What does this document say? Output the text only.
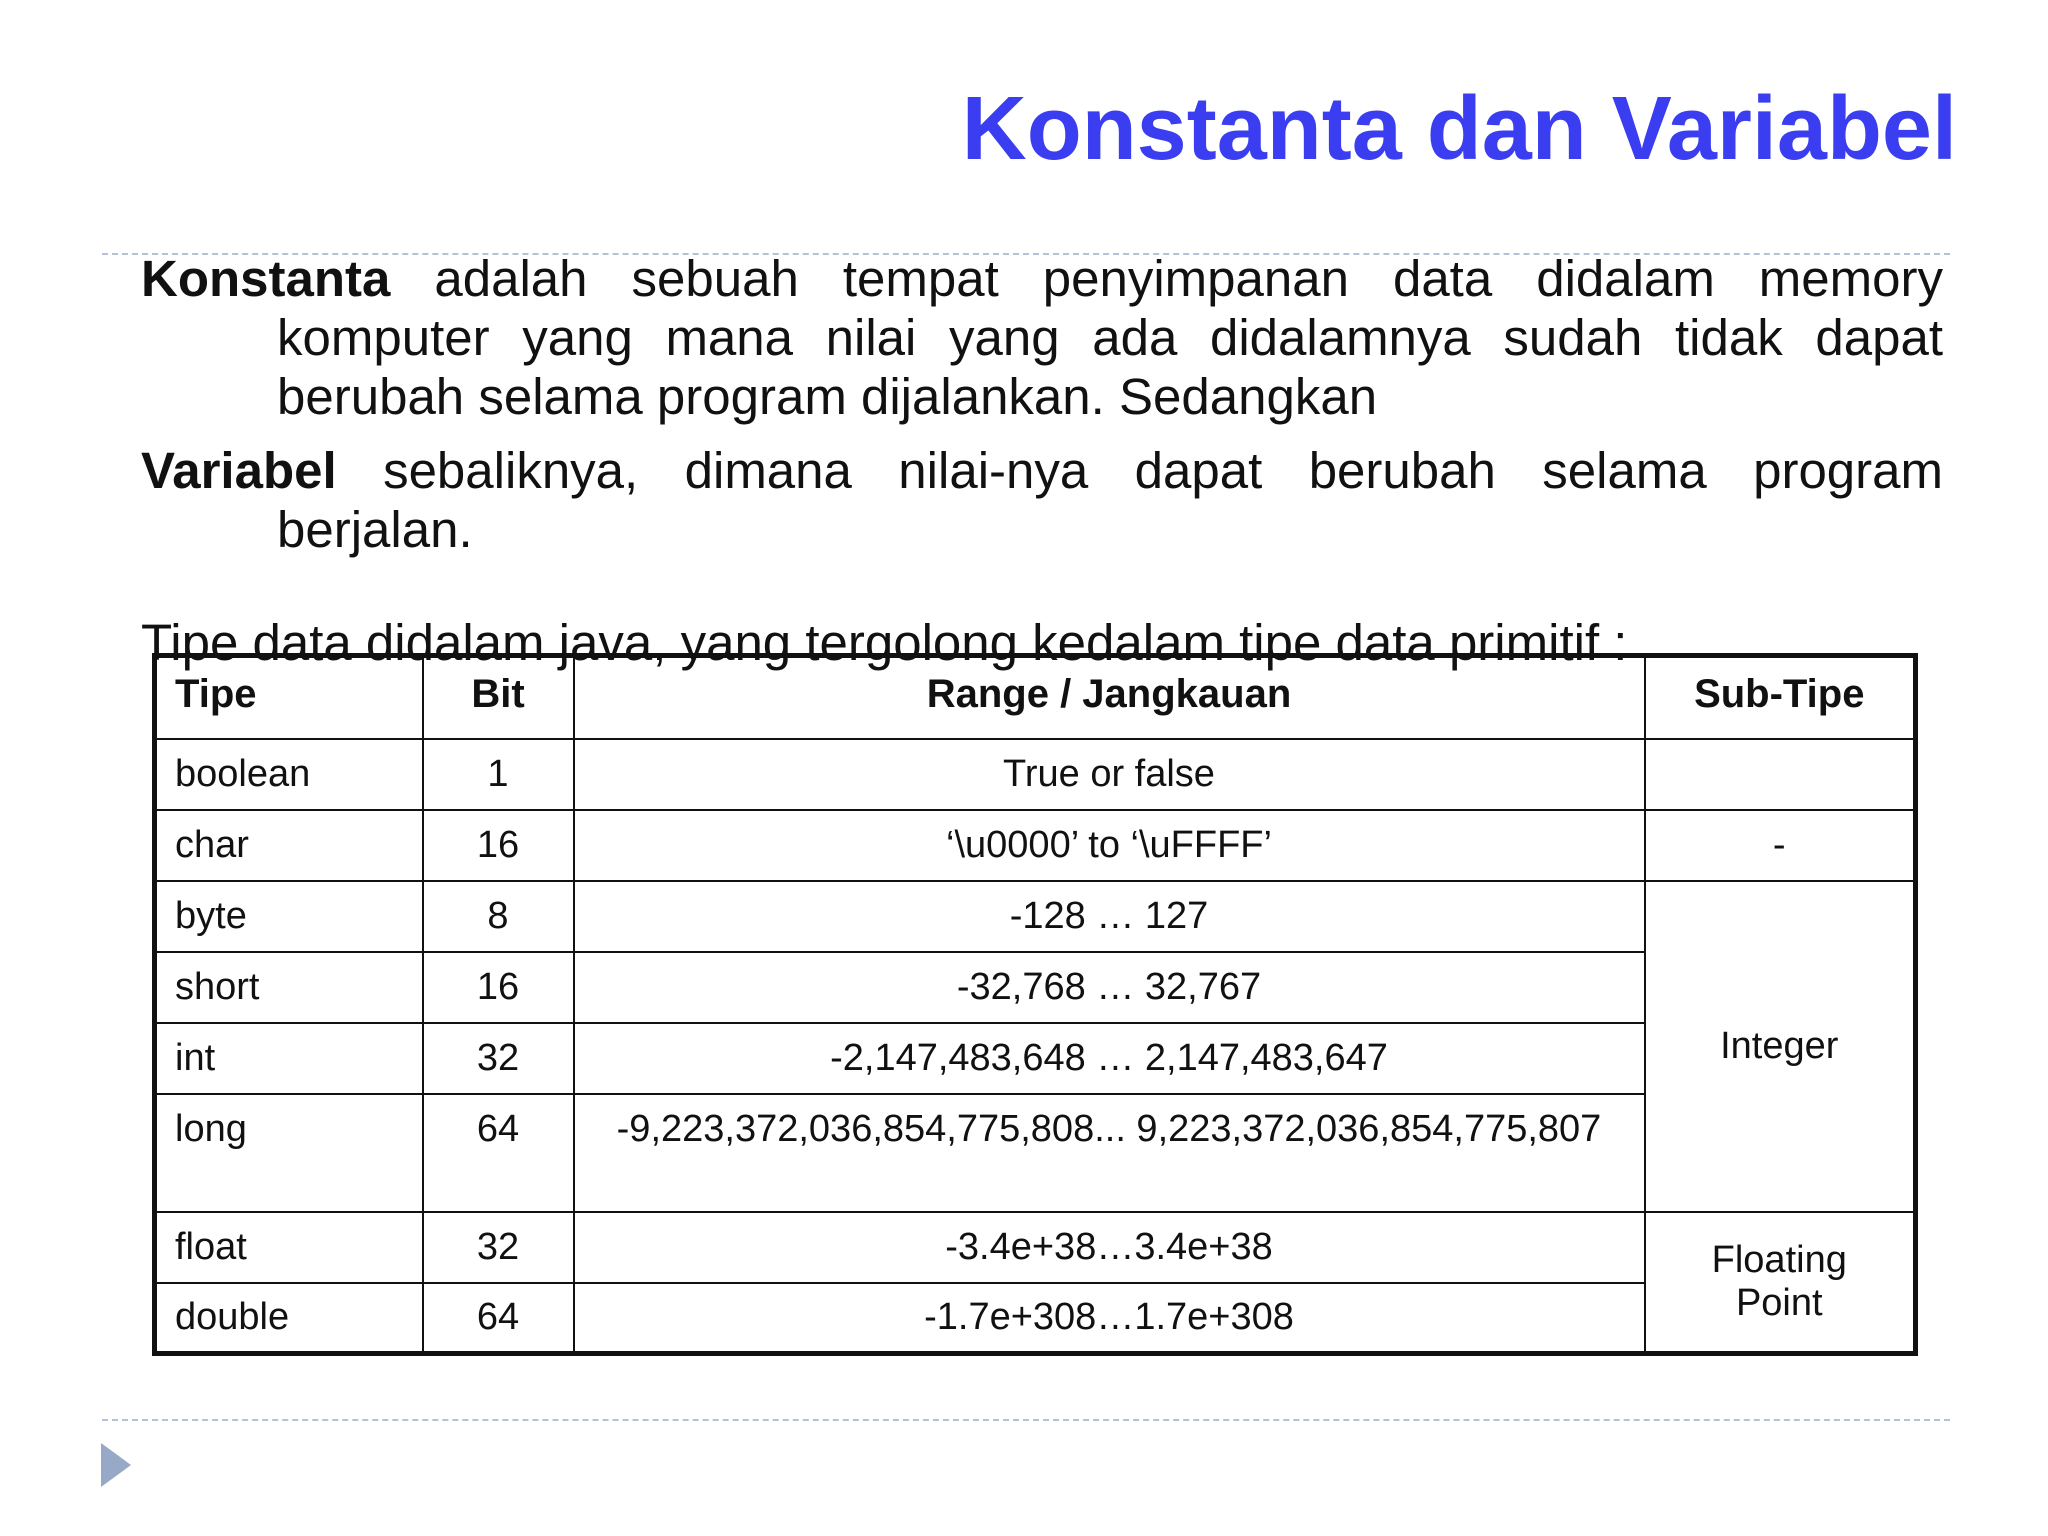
Konstanta dan Variabel
Konstanta adalah sebuah tempat penyimpanan data didalam memory
komputer yang mana nilai yang ada didalamnya sudah tidak dapat
berubah selama program dijalankan. Sedangkan
Variabel sebaliknya, dimana nilai-nya dapat berubah selama program
berjalan.
Tipe data didalam java, yang tergolong kedalam tipe data primitif :
Tipe	Bit	Range / Jangkauan	Sub-Tipe
boolean	1	True or false	
char	16	‘\u0000’ to ‘\uFFFF’	-
byte	8	-128 … 127	Integer
short	16	-32,768 … 32,767	
int	32	-2,147,483,648 … 2,147,483,647	
long	64	-9,223,372,036,854,775,808... 9,223,372,036,854,775,807	
float	32	-3.4e+38…3.4e+38	Floating
Point
double	64	-1.7e+308…1.7e+308	
